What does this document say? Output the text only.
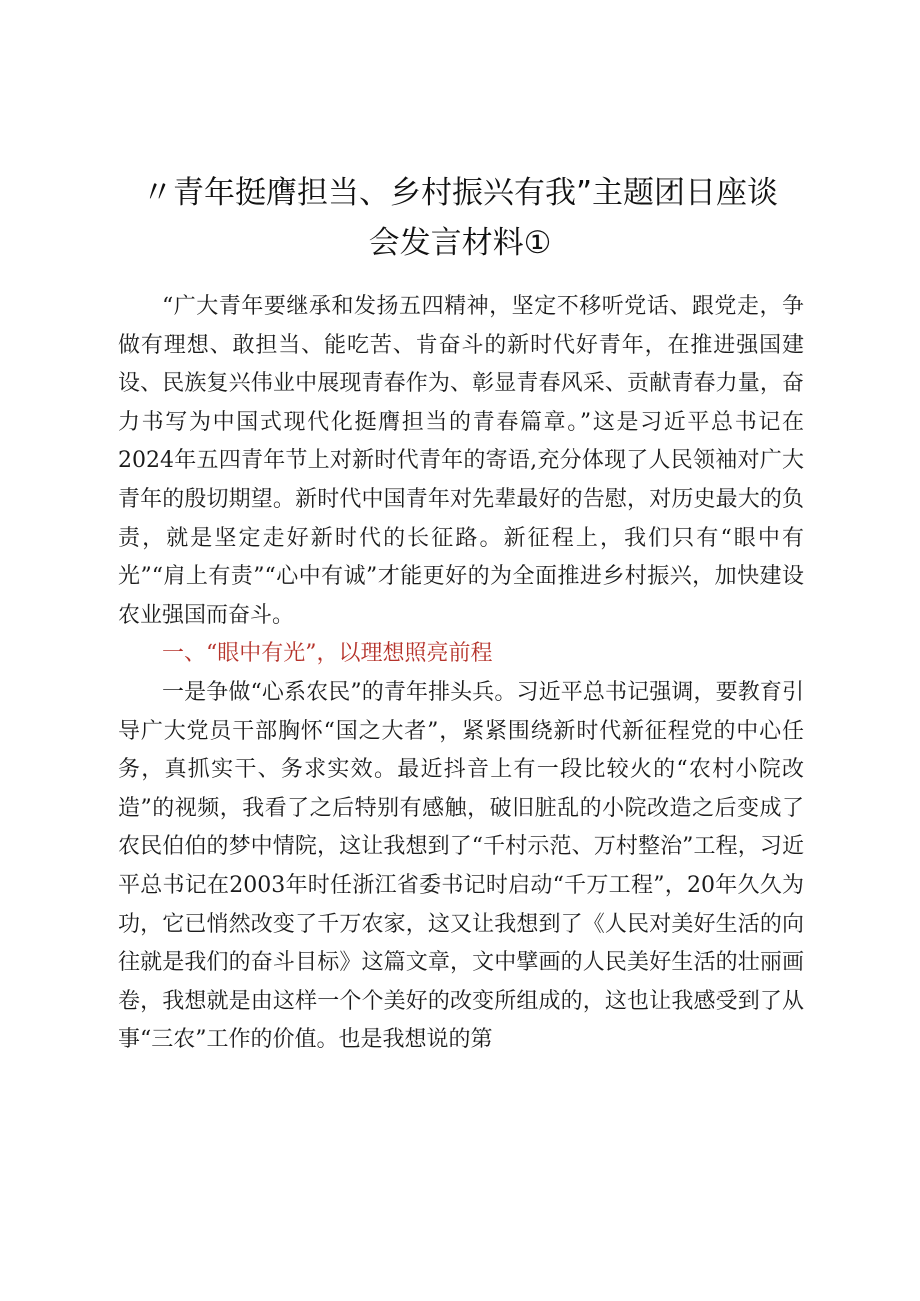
〃青年挺膺担当、乡村振兴有我”主题团日座谈
会发言材料①

“广大青年要继承和发扬五四精神，坚定不移听党话、跟党走，争做有理想、敢担当、能吃苦、肯奋斗的新时代好青年，在推进强国建设、民族复兴伟业中展现青春作为、彰显青春风采、贡献青春力量，奋力书写为中国式现代化挺膺担当的青春篇章。”这是习近平总书记在2024年五四青年节上对新时代青年的寄语,充分体现了人民领袖对广大青年的殷切期望。新时代中国青年对先辈最好的告慰，对历史最大的负责，就是坚定走好新时代的长征路。新征程上，我们只有“眼中有光”“肩上有责”“心中有诚”才能更好的为全面推进乡村振兴，加快建设农业强国而奋斗。

一、“眼中有光”，以理想照亮前程

一是争做“心系农民”的青年排头兵。习近平总书记强调，要教育引导广大党员干部胸怀“国之大者”，紧紧围绕新时代新征程党的中心任务，真抓实干、务求实效。最近抖音上有一段比较火的“农村小院改造”的视频，我看了之后特别有感触，破旧脏乱的小院改造之后变成了农民伯伯的梦中情院，这让我想到了“千村示范、万村整治”工程，习近平总书记在2003年时任浙江省委书记时启动“千万工程”，20年久久为功，它已悄然改变了千万农家，这又让我想到了《人民对美好生活的向往就是我们的奋斗目标》这篇文章，文中擘画的人民美好生活的壮丽画卷，我想就是由这样一个个美好的改变所组成的，这也让我感受到了从事“三农”工作的价值。也是我想说的第
